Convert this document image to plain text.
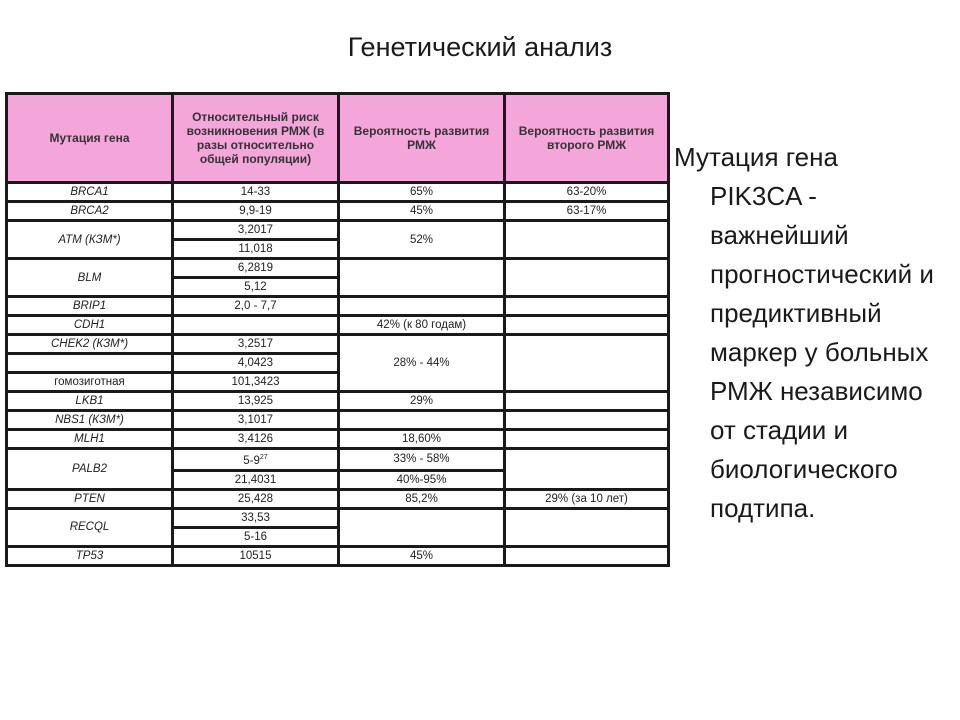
Генетический анализ
Мутация гена	Относительный риск возникновения РМЖ (в разы относительно общей популяции)	Вероятность развития РМЖ	Вероятность развития второго РМЖ
BRCA1	14-33	65%	63-20%
BRCA2	9,9-19	45%	63-17%
ATM (КЗМ*)	3,2017	52%	
	11,018		
BLM	6,2819		
	5,12		
BRIP1	2,0 - 7,7		
CDH1		42% (к 80 годам)	
CHEK2 (КЗМ*)	3,2517	28% - 44%	
	4,0423		
гомозиготная	101,3423		
LKB1	13,925	29%	
NBS1 (КЗМ*)	3,1017		
MLH1	3,4126	18,60%	
PALB2	$5-9^{27}$	33% - 58%	
	21,4031	40%-95%	
PTEN	25,428	85,2%	29% (за 10 лет)
RECQL	33,53		
	5-16		
TP53	10515	45%	
Мутация гена
PIK3CA - важнейший прогностический и предиктивный маркер у больных РМЖ независимо от стадии и биологического подтипа.
